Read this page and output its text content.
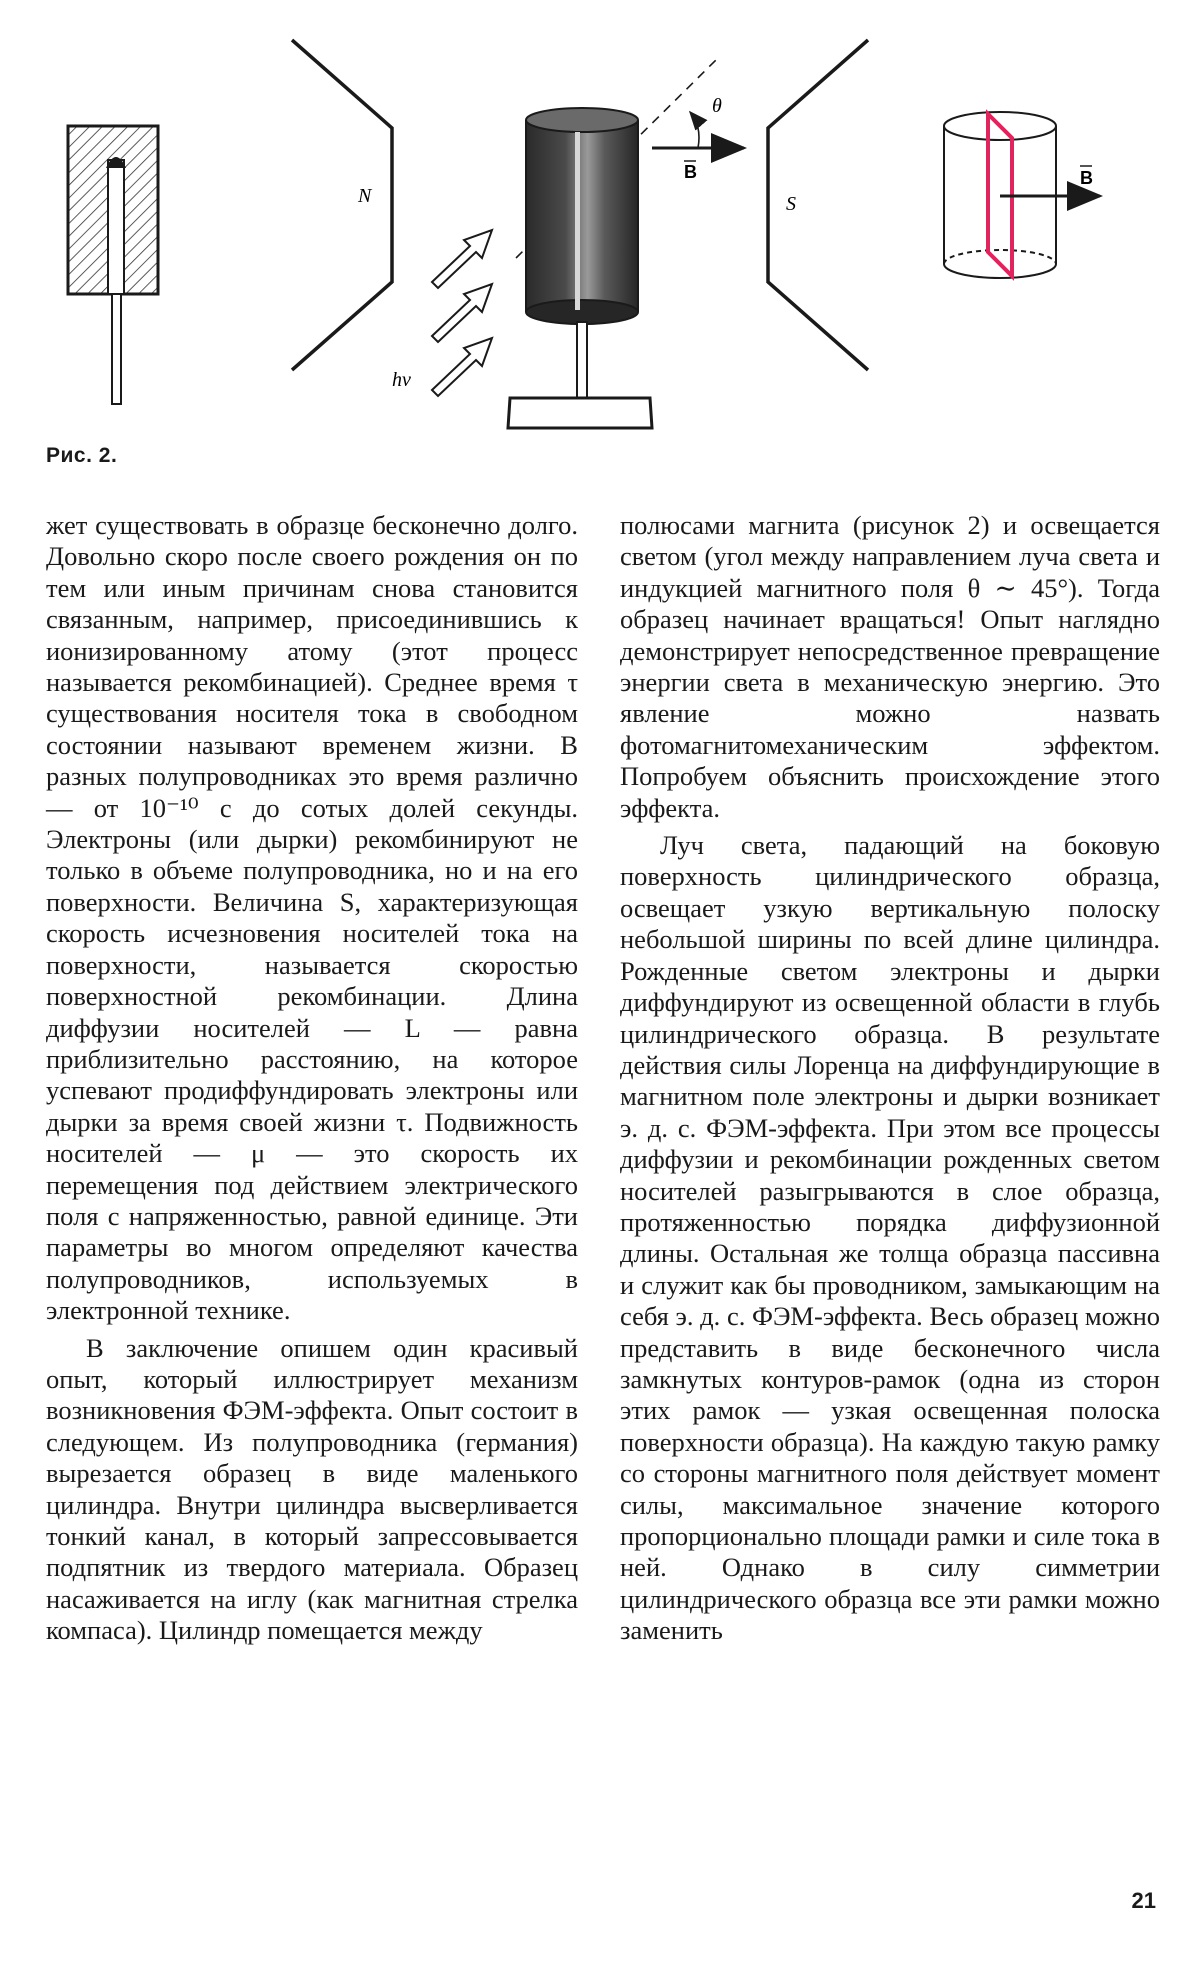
N	S
hν
θ
B	B
Рис. 2.

жет существовать в образце бесконечно долго. Довольно скоро после своего рождения он по тем или иным причинам снова становится связанным, например, присоединившись к ионизированному атому (этот процесс называется рекомбинацией). Среднее время τ существования носителя тока в свободном состоянии называют временем жизни. В разных полупроводниках это время различно — от 10⁻¹⁰ с до сотых долей секунды. Электроны (или дырки) рекомбинируют не только в объеме полупроводника, но и на его поверхности. Величина S, характеризующая скорость исчезновения носителей тока на поверхности, называется скоростью поверхностной рекомбинации. Длина диффузии носителей — L — равна приблизительно расстоянию, на которое успевают продиффундировать электроны или дырки за время своей жизни τ. Подвижность носителей — μ — это скорость их перемещения под действием электрического поля с напряженностью, равной единице. Эти параметры во многом определяют качества полупроводников, используемых в электронной технике.

В заключение опишем один красивый опыт, который иллюстрирует механизм возникновения ФЭМ-эффекта. Опыт состоит в следующем. Из полупроводника (германия) вырезается образец в виде маленького цилиндра. Внутри цилиндра высверливается тонкий канал, в который запрессовывается подпятник из твердого материала. Образец насаживается на иглу (как магнитная стрелка компаса). Цилиндр помещается между

полюсами магнита (рисунок 2) и освещается светом (угол между направлением луча света и индукцией магнитного поля θ ∼ 45°). Тогда образец начинает вращаться! Опыт наглядно демонстрирует непосредственное превращение энергии света в механическую энергию. Это явление можно назвать фотомагнитомеханическим эффектом. Попробуем объяснить происхождение этого эффекта.

Луч света, падающий на боковую поверхность цилиндрического образца, освещает узкую вертикальную полоску небольшой ширины по всей длине цилиндра. Рожденные светом электроны и дырки диффундируют из освещенной области в глубь цилиндрического образца. В результате действия силы Лоренца на диффундирующие в магнитном поле электроны и дырки возникает э. д. с. ФЭМ-эффекта. При этом все процессы диффузии и рекомбинации рожденных светом носителей разыгрываются в слое образца, протяженностью порядка диффузионной длины. Остальная же толща образца пассивна и служит как бы проводником, замыкающим на себя э. д. с. ФЭМ-эффекта. Весь образец можно представить в виде бесконечного числа замкнутых контуров-рамок (одна из сторон этих рамок — узкая освещенная полоска поверхности образца). На каждую такую рамку со стороны магнитного поля действует момент силы, максимальное значение которого пропорционально площади рамки и силе тока в ней. Однако в силу симметрии цилиндрического образца все эти рамки можно заменить

21
